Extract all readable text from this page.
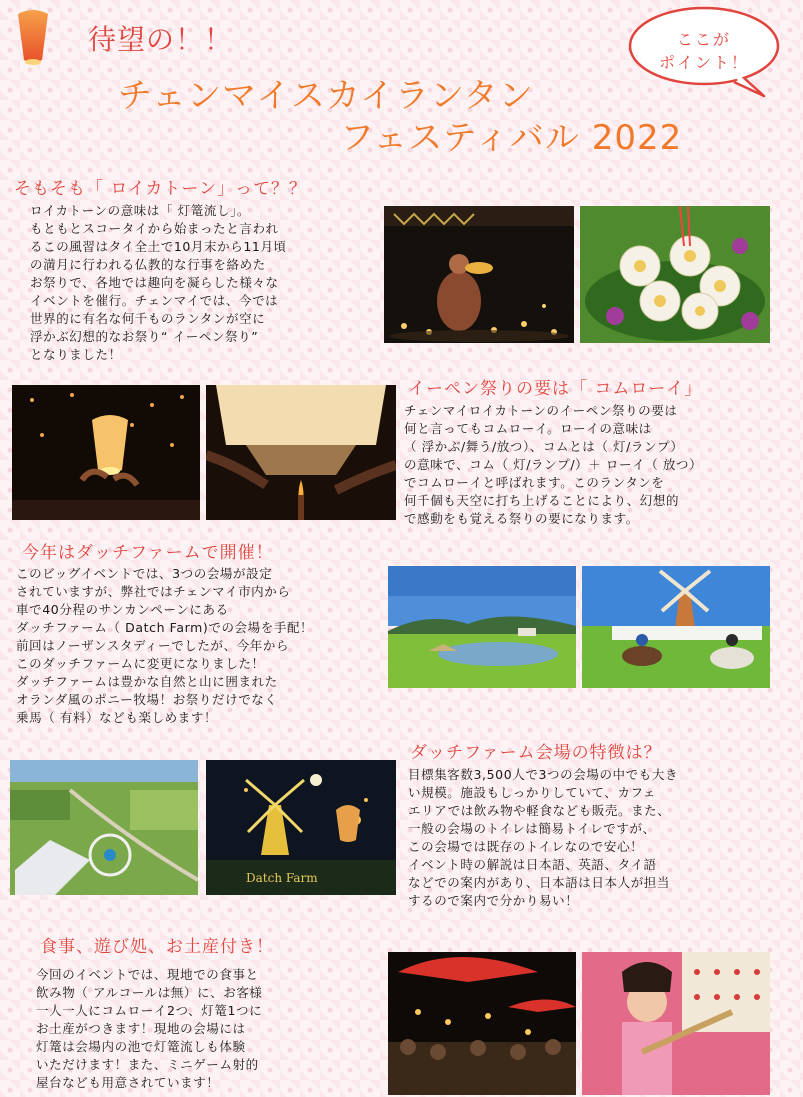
待望の！！
チェンマイスカイランタン
フェスティバル 2022
ここが
ポイント！
そもそも「 ロイカトーン」って？？
ロイカトーンの意味は「 灯篭流し」。
もともとスコータイから始まったと言われ
るこの風習はタイ全土で10月末から11月頃
の満月に行われる仏教的な行事を絡めた
お祭りで、各地では趣向を凝らした様々な
イベントを催行。チェンマイでは、今では
世界的に有名な何千ものランタンが空に
浮かぶ幻想的なお祭り“ イーペン祭り”
となりました！
イーペン祭りの要は「 コムローイ」
チェンマイロイカトーンのイーペン祭りの要は
何と言ってもコムローイ。ローイの意味は
（ 浮かぶ/舞う/放つ）、コムとは（ 灯/ランプ）
の意味で、コム（ 灯/ランプ/）＋ ローイ（ 放つ）
でコムローイと呼ばれます。このランタンを
何千個も天空に打ち上げることにより、幻想的
で感動をも覚える祭りの要になります。
今年はダッチファームで開催！
このビッグイベントでは、3つの会場が設定
されていますが、弊社ではチェンマイ市内から
車で40分程のサンカンペーンにある
ダッチファーム（ Datch Farm)での会場を手配！
前回はノーザンスタディーでしたが、今年から
このダッチファームに変更になりました！
ダッチファームは豊かな自然と山に囲まれた
オランダ風のポニー牧場！お祭りだけでなく
乗馬（ 有料）なども楽しめます！
Datch Farm
ダッチファーム会場の特徴は？
目標集客数3,500人で3つの会場の中でも大き
い規模。施設もしっかりしていて、カフェ
エリアでは飲み物や軽食なども販売。また、
一般の会場のトイレは簡易トイレですが、
この会場では既存のトイレなので安心！
イベント時の解説は日本語、英語、タイ語
などでの案内があり、日本語は日本人が担当
するので案内で分かり易い！
食事、遊び処、お土産付き！
今回のイベントでは、現地での食事と
飲み物（ アルコールは無）に、お客様
一人一人にコムローイ2つ、灯篭1つに
お土産がつきます！現地の会場には
灯篭は会場内の池で灯篭流しも体験
いただけます！また、ミニゲーム射的
屋台なども用意されています！
